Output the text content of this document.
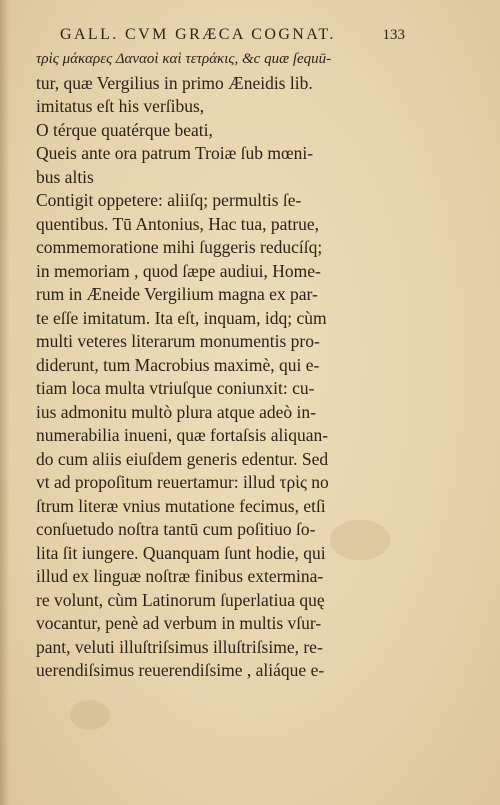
GALL. CVM GRÆCA COGNAT.	133
τρὶς μάκαρες Δαναοὶ καὶ τετράκις, &c quæ ſequū-
tur, quæ Vergilius in primo Æneidis lib.
imitatus eſt his verſibus,
O térque quatérque beati,
Queis ante ora patrum Troiæ ſub mœni-
bus altis
Contigit oppetere: aliiſq; permultis ſe-
quentibus. Tū Antonius, Hac tua, patrue,
commemoratione mihi ſuggeris reducíſq;
in memoriam , quod ſæpe audiui, Home-
rum in Æneide Vergilium magna ex par-
te eſſe imitatum. Ita eſt, inquam, idq; cùm
multi veteres literarum monumentis pro-
diderunt, tum Macrobius maximè, qui e-
tiam loca multa vtriuſque coniunxit: cu-
ius admonitu multò plura atque adeò in-
numerabilia inueni, quæ fortaſsis aliquan-
do cum aliis eiuſdem generis edentur. Sed
vt ad propoſitum reuertamur: illud τρὶς no
ſtrum literæ vnius mutatione fecimus, etſi
conſuetudo noſtra tantū cum poſitiuo ſo-
lita ſit iungere. Quanquam ſunt hodie, qui
illud ex linguæ noſtræ finibus extermina-
re volunt, cùm Latinorum ſuperlatiua quę
vocantur, penè ad verbum in multis vſur-
pant, veluti illuſtriſsimus illuſtriſsime, re-
uerendiſsimus reuerendiſsime , aliáque e-
